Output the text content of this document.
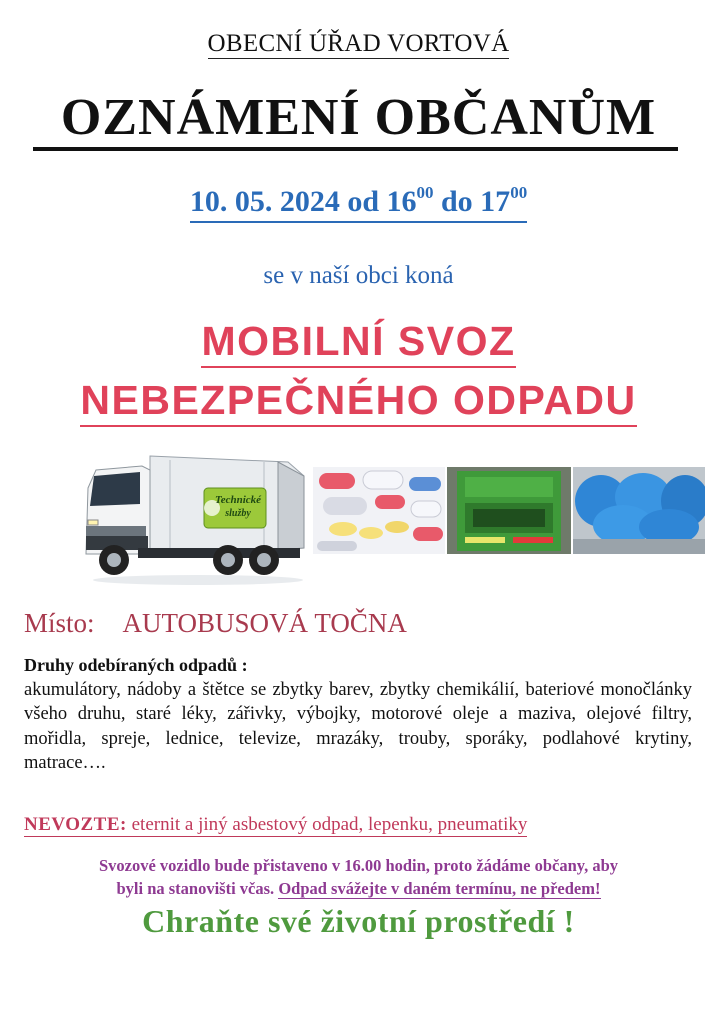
OBECNÍ ÚŘAD VORTOVÁ
OZNÁMENÍ OBČANŮM
10. 05. 2024 od $16^{00}$ do $17^{00}$
se v naší obci koná
MOBILNÍ SVOZ
NEBEZPEČNÉHO ODPADU
Technické
služby
Místo: AUTOBUSOVÁ TOČNA
Druhy odebíraných odpadů :
akumulátory, nádoby a štětce se zbytky barev, zbytky chemikálií, bateriové monočlánky všeho druhu, staré léky, zářivky, výbojky, motorové oleje a maziva, olejové filtry, mořidla, spreje, lednice, televize, mrazáky, trouby, sporáky, podlahové krytiny, matrace….
NEVOZTE: eternit a jiný asbestový odpad, lepenku, pneumatiky
Svozové vozidlo bude přistaveno v 16.00 hodin, proto žádáme občany, aby
byli na stanovišti včas. Odpad svážejte v daném termínu, ne předem!
Chraňte své životní prostředí !
